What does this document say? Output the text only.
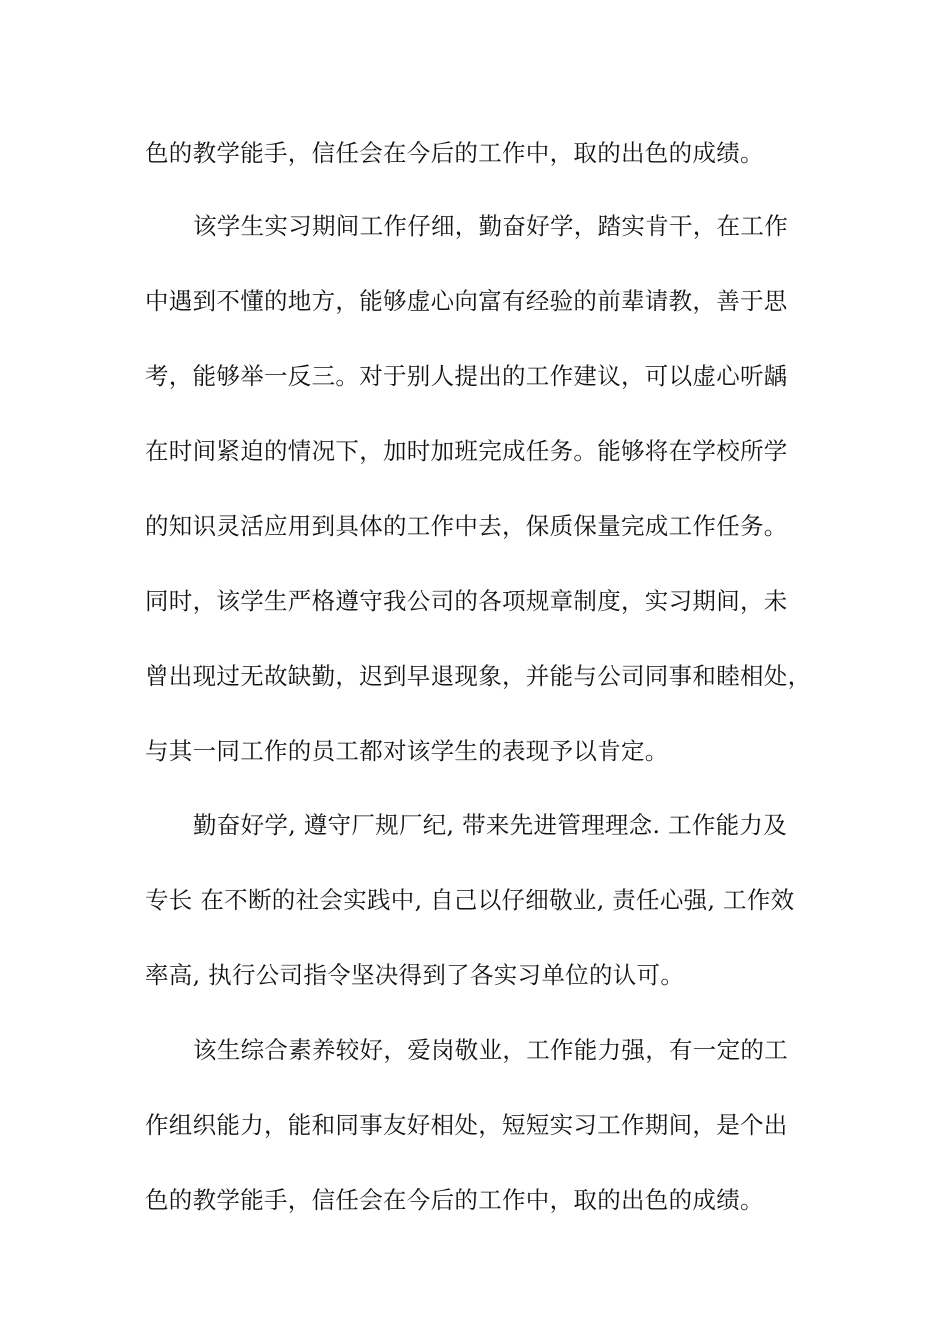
色的教学能手，信任会在今后的工作中，取的出色的成绩。
该学生实习期间工作仔细，勤奋好学，踏实肯干，在工作
中遇到不懂的地方，能够虚心向富有经验的前辈请教，善于思
考，能够举一反三。对于别人提出的工作建议，可以虚心听龋
在时间紧迫的情况下，加时加班完成任务。能够将在学校所学
的知识灵活应用到具体的工作中去，保质保量完成工作任务。
同时，该学生严格遵守我公司的各项规章制度，实习期间，未
曾出现过无故缺勤，迟到早退现象，并能与公司同事和睦相处，
与其一同工作的员工都对该学生的表现予以肯定。
勤奋好学, 遵守厂规厂纪, 带来先进管理理念. 工作能力及
专长 在不断的社会实践中, 自己以仔细敬业, 责任心强, 工作效
率高, 执行公司指令坚决得到了各实习单位的认可。
该生综合素养较好，爱岗敬业，工作能力强，有一定的工
作组织能力，能和同事友好相处，短短实习工作期间，是个出
色的教学能手，信任会在今后的工作中，取的出色的成绩。
